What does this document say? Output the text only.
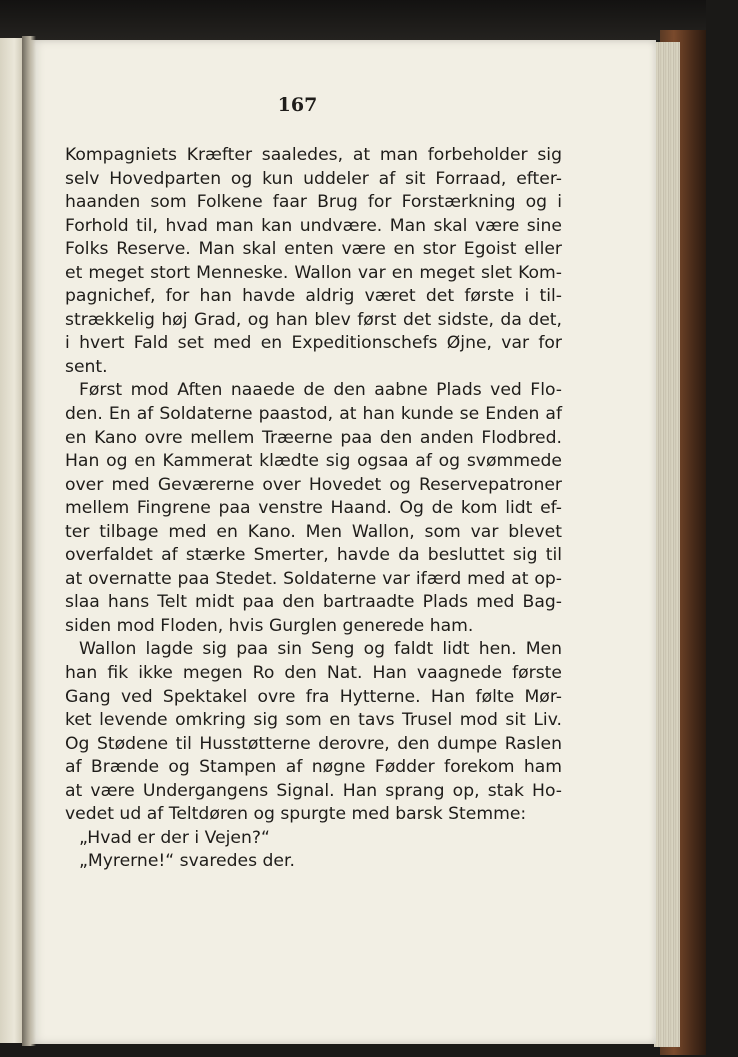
167
Kompagniets Kræfter saaledes, at man forbeholder sig
selv Hovedparten og kun uddeler af sit Forraad, efter-
haanden som Folkene faar Brug for Forstærkning og i
Forhold til, hvad man kan undvære. Man skal være sine
Folks Reserve. Man skal enten være en stor Egoist eller
et meget stort Menneske. Wallon var en meget slet Kom-
pagnichef, for han havde aldrig været det første i til-
strækkelig høj Grad, og han blev først det sidste, da det,
i hvert Fald set med en Expeditionschefs Øjne, var for
sent.
Først mod Aften naaede de den aabne Plads ved Flo-
den. En af Soldaterne paastod, at han kunde se Enden af
en Kano ovre mellem Træerne paa den anden Flodbred.
Han og en Kammerat klædte sig ogsaa af og svømmede
over med Geværerne over Hovedet og Reservepatroner
mellem Fingrene paa venstre Haand. Og de kom lidt ef-
ter tilbage med en Kano. Men Wallon, som var blevet
overfaldet af stærke Smerter, havde da besluttet sig til
at overnatte paa Stedet. Soldaterne var ifærd med at op-
slaa hans Telt midt paa den bartraadte Plads med Bag-
siden mod Floden, hvis Gurglen generede ham.
Wallon lagde sig paa sin Seng og faldt lidt hen. Men
han fik ikke megen Ro den Nat. Han vaagnede første
Gang ved Spektakel ovre fra Hytterne. Han følte Mør-
ket levende omkring sig som en tavs Trusel mod sit Liv.
Og Stødene til Husstøtterne derovre, den dumpe Raslen
af Brænde og Stampen af nøgne Fødder forekom ham
at være Undergangens Signal. Han sprang op, stak Ho-
vedet ud af Teltdøren og spurgte med barsk Stemme:
„Hvad er der i Vejen?“
„Myrerne!“ svaredes der.
